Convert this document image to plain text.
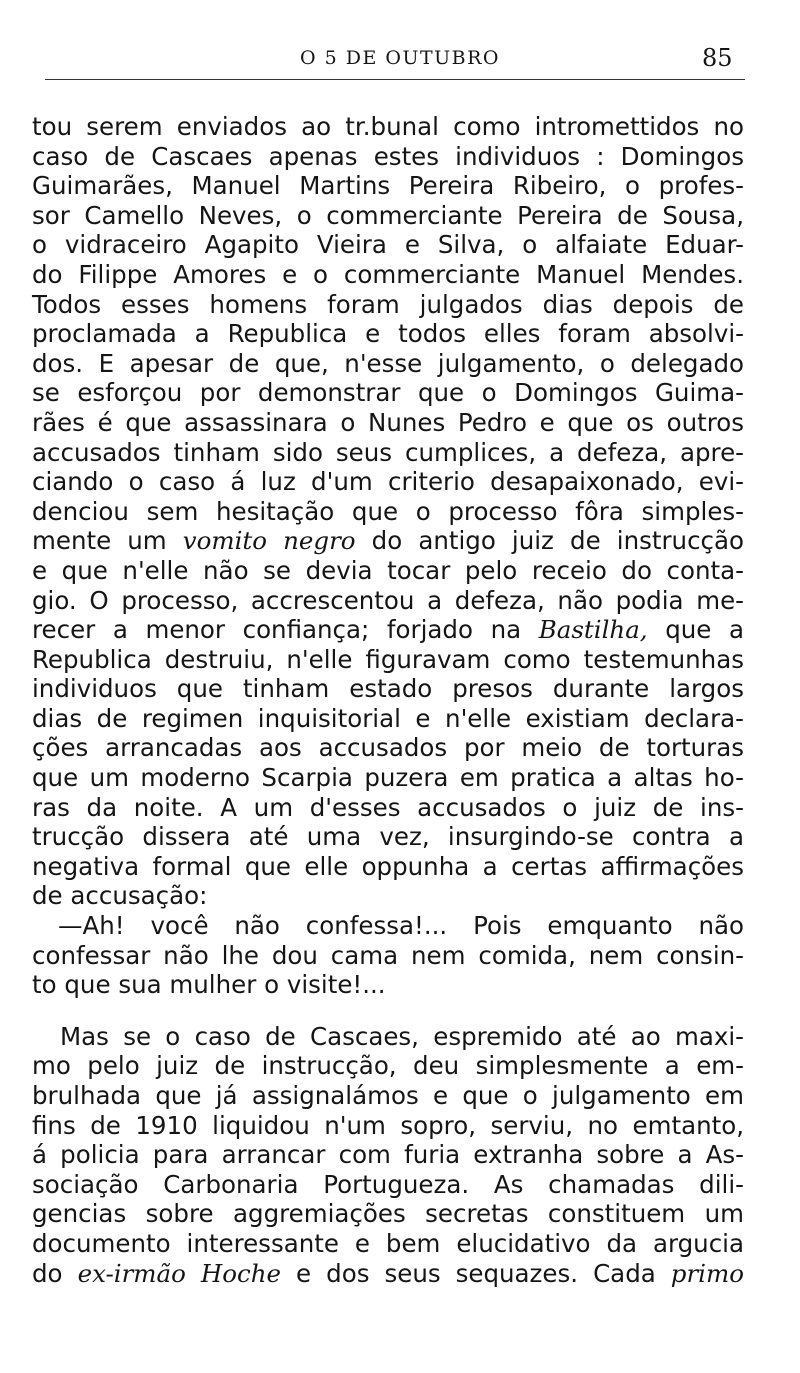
O 5 DE OUTUBRO	85
tou serem enviados ao tr.bunal como intromettidos no
caso de Cascaes apenas estes individuos : Domingos
Guimarães, Manuel Martins Pereira Ribeiro, o profes-
sor Camello Neves, o commerciante Pereira de Sousa,
o vidraceiro Agapito Vieira e Silva, o alfaiate Eduar-
do Filippe Amores e o commerciante Manuel Mendes.
Todos esses homens foram julgados dias depois de
proclamada a Republica e todos elles foram absolvi-
dos. E apesar de que, n'esse julgamento, o delegado
se esforçou por demonstrar que o Domingos Guima-
rães é que assassinara o Nunes Pedro e que os outros
accusados tinham sido seus cumplices, a defeza, apre-
ciando o caso á luz d'um criterio desapaixonado, evi-
denciou sem hesitação que o processo fôra simples-
mente um vomito negro do antigo juiz de instrucção
e que n'elle não se devia tocar pelo receio do conta-
gio. O processo, accrescentou a defeza, não podia me-
recer a menor confiança; forjado na Bastilha, que a
Republica destruiu, n'elle figuravam como testemunhas
individuos que tinham estado presos durante largos
dias de regimen inquisitorial e n'elle existiam declara-
ções arrancadas aos accusados por meio de torturas
que um moderno Scarpia puzera em pratica a altas ho-
ras da noite. A um d'esses accusados o juiz de ins-
trucção dissera até uma vez, insurgindo-se contra a
negativa formal que elle oppunha a certas affirmações
de accusação:
—Ah! você não confessa!... Pois emquanto não
confessar não lhe dou cama nem comida, nem consin-
to que sua mulher o visite!...
Mas se o caso de Cascaes, espremido até ao maxi-
mo pelo juiz de instrucção, deu simplesmente a em-
brulhada que já assignalámos e que o julgamento em
fins de 1910 liquidou n'um sopro, serviu, no emtanto,
á policia para arrancar com furia extranha sobre a As-
sociação Carbonaria Portugueza. As chamadas dili-
gencias sobre aggremiações secretas constituem um
documento interessante e bem elucidativo da argucia
do ex-irmão Hoche e dos seus sequazes. Cada primo
